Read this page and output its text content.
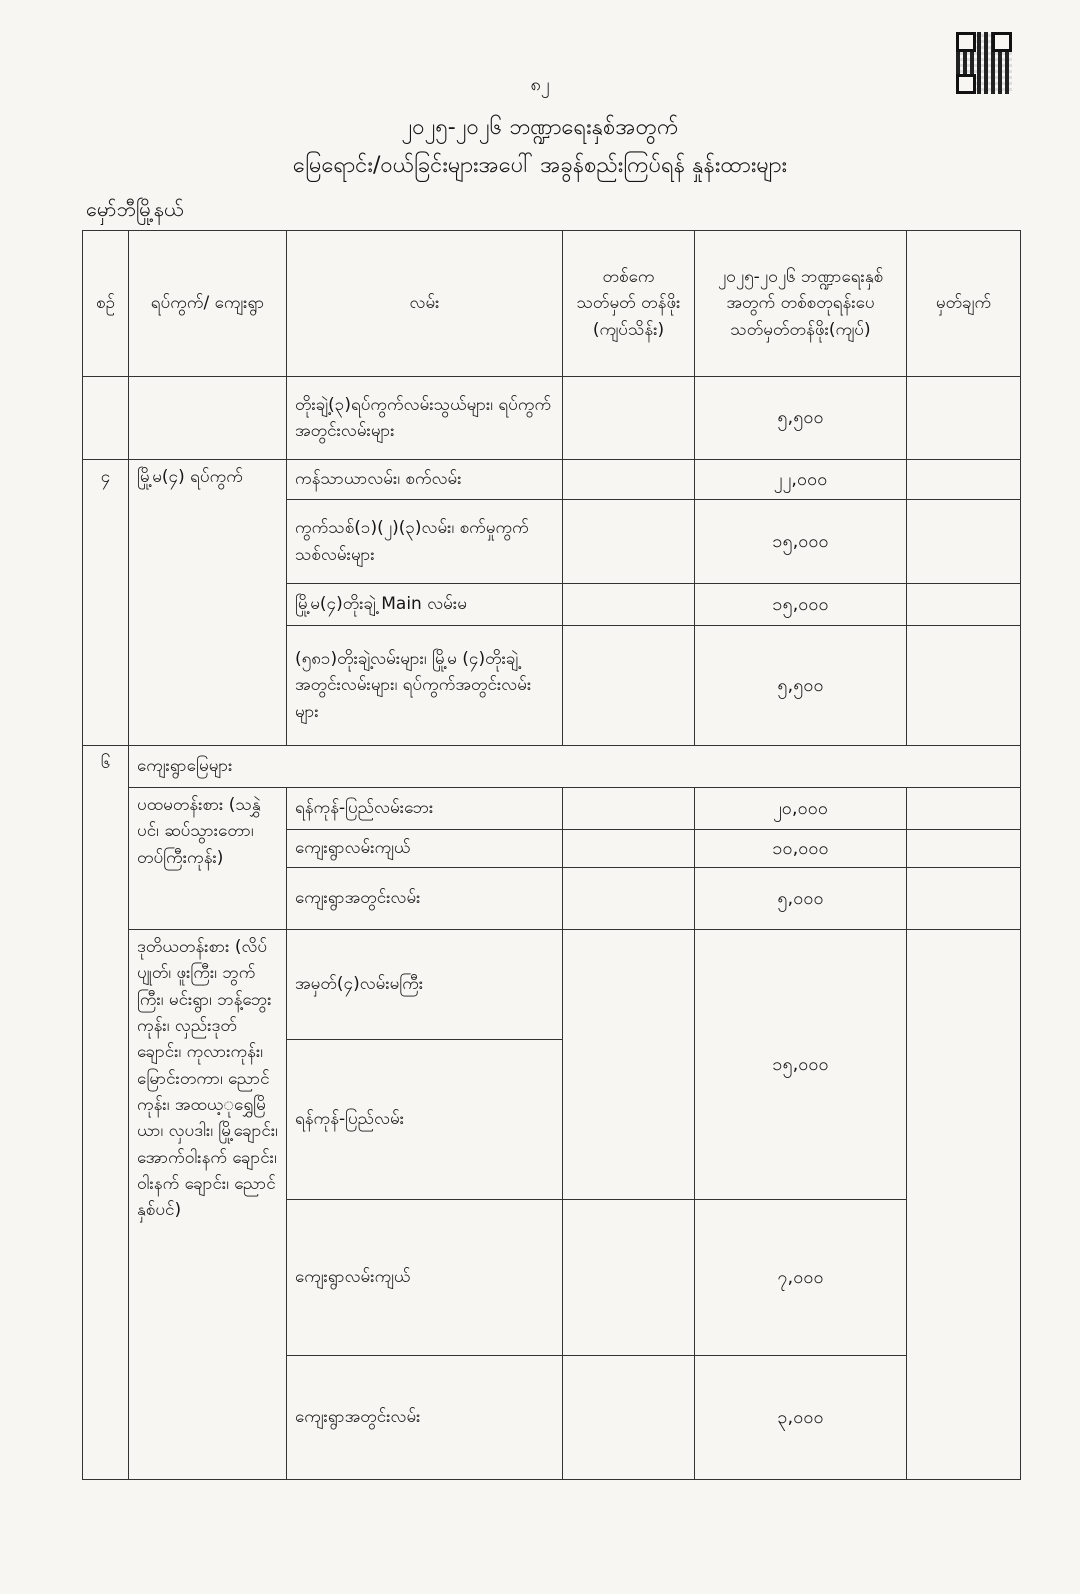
၈၂
၂၀၂၅-၂၀၂၆ ဘဏ္ဍာရေးနှစ်အတွက်
မြေရောင်း/ဝယ်ခြင်းများအပေါ် အခွန်စည်းကြပ်ရန် နှုန်းထားများ
မှော်ဘီမြို့နယ်
စဉ်	ရပ်ကွက်/ ကျေးရွာ	လမ်း	တစ်ကေ သတ်မှတ် တန်ဖိုး (ကျပ်သိန်း)	၂၀၂၅-၂၀၂၆ ဘဏ္ဍာရေးနှစ်အတွက် တစ်စတုရန်းပေ သတ်မှတ်တန်ဖိုး(ကျပ်)	မှတ်ချက်
		တိုးချဲ့(၃)ရပ်ကွက်လမ်းသွယ်များ၊ ရပ်ကွက်အတွင်းလမ်းများ		၅,၅၀၀	
၄	မြို့မ(၄) ရပ်ကွက်	ကန်သာယာလမ်း၊ စက်လမ်း		၂၂,၀၀၀	
		ကွက်သစ်(၁)(၂)(၃)လမ်း၊ စက်မှုကွက်သစ်လမ်းများ		၁၅,၀၀၀	
		မြို့မ(၄)တိုးချဲ့ Main လမ်းမ		၁၅,၀၀၀	
		(၅၈၁)တိုးချဲ့လမ်းများ၊ မြို့မ (၄)တိုးချဲ့အတွင်းလမ်းများ၊ ရပ်ကွက်အတွင်းလမ်းများ		၅,၅၀၀	
၆	ကျေးရွာမြေများ				
	ပထမတန်းစား (သနွှဲပင်၊ ဆပ်သွားတော၊ တပ်ကြီးကုန်း)	ရန်ကုန်-ပြည်လမ်းဘေး		၂၀,၀၀၀	
		ကျေးရွာလမ်းကျယ်		၁၀,၀၀၀	
		ကျေးရွာအတွင်းလမ်း		၅,၀၀၀	
	ဒုတိယတန်းစား (လိပ်ပျုတ်၊ ဖူးကြီး၊ ဘွက်ကြီး၊ မင်းရွာ၊ ဘန့်ဘွေးကုန်း၊ လှည်းဒုတ်ချောင်း၊ ကုလားကုန်း၊ မြောင်းတကာ၊ ညောင်ကုန်း၊ အထယ့ုရွှေမြိယာ၊ လှပဒါး၊ မြို့ချောင်း၊ အောက်ဝါးနက် ချောင်း၊ ဝါးနက် ချောင်း၊ ညောင်နှစ်ပင်)	အမှတ်(၄)လမ်းမကြီး		၁၅,၀၀၀	
		ရန်ကုန်-ပြည်လမ်း			
		ကျေးရွာလမ်းကျယ်		၇,၀၀၀	
		ကျေးရွာအတွင်းလမ်း		၃,၀၀၀	
